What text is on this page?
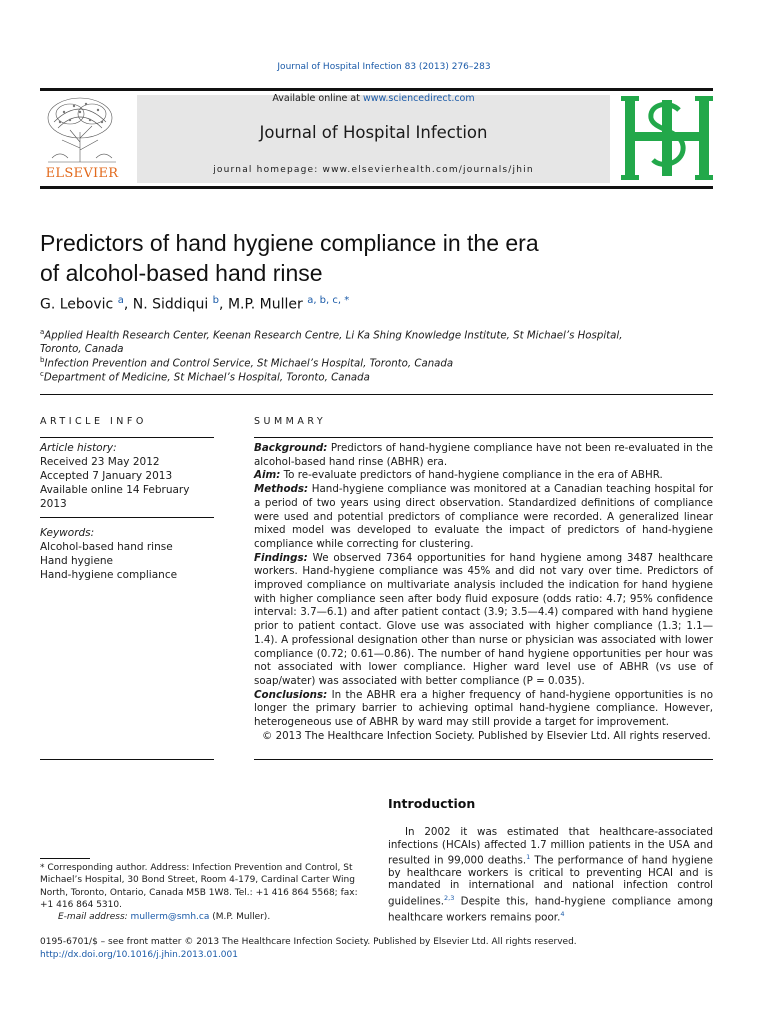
Journal of Hospital Infection 83 (2013) 276–283
ELSEVIER
Available online at www.sciencedirect.com
Journal of Hospital Infection
journal homepage: www.elsevierhealth.com/journals/jhin
Predictors of hand hygiene compliance in the era
of alcohol-based hand rinse
G. Lebovic $^a$, N. Siddiqui $^b$, M.P. Muller $^{a, b, c, *}$
$^a$Applied Health Research Center, Keenan Research Centre, Li Ka Shing Knowledge Institute, St Michael’s Hospital,
Toronto, Canada
$^b$Infection Prevention and Control Service, St Michael’s Hospital, Toronto, Canada
$^c$Department of Medicine, St Michael’s Hospital, Toronto, Canada
ARTICLE INFO
Article history:
Received 23 May 2012
Accepted 7 January 2013
Available online 14 February
2013
Keywords:
Alcohol-based hand rinse
Hand hygiene
Hand-hygiene compliance
SUMMARY

Background: Predictors of hand-hygiene compliance have not been re-evaluated in the alcohol-based hand rinse (ABHR) era.

Aim: To re-evaluate predictors of hand-hygiene compliance in the era of ABHR.

Methods: Hand-hygiene compliance was monitored at a Canadian teaching hospital for a period of two years using direct observation. Standardized definitions of compliance were used and potential predictors of compliance were recorded. A generalized linear mixed model was developed to evaluate the impact of predictors of hand-hygiene compliance while correcting for clustering.

Findings: We observed 7364 opportunities for hand hygiene among 3487 healthcare workers. Hand-hygiene compliance was 45% and did not vary over time. Predictors of improved compliance on multivariate analysis included the indication for hand hygiene with higher compliance seen after body fluid exposure (odds ratio: 4.7; 95% confidence interval: 3.7—6.1) and after patient contact (3.9; 3.5—4.4) compared with hand hygiene prior to patient contact. Glove use was associated with higher compliance (1.3; 1.1—1.4). A professional designation other than nurse or physician was associated with lower compliance (0.72; 0.61—0.86). The number of hand hygiene opportunities per hour was not associated with lower compliance. Higher ward level use of ABHR (vs use of soap/water) was associated with better compliance (P = 0.035).

Conclusions: In the ABHR era a higher frequency of hand-hygiene opportunities is no longer the primary barrier to achieving optimal hand-hygiene compliance. However, heterogeneous use of ABHR by ward may still provide a target for improvement.

© 2013 The Healthcare Infection Society. Published by Elsevier Ltd. All rights reserved.

Introduction
In 2002 it was estimated that healthcare-associated infections (HCAIs) affected 1.7 million patients in the USA and resulted in 99,000 deaths.$^1$ The performance of hand hygiene by healthcare workers is critical to preventing HCAI and is mandated in international and national infection control guidelines.$^{2,3}$ Despite this, hand-hygiene compliance among healthcare workers remains poor.$^4$
* Corresponding author. Address: Infection Prevention and Control, St Michael’s Hospital, 30 Bond Street, Room 4-179, Cardinal Carter Wing North, Toronto, Ontario, Canada M5B 1W8. Tel.: +1 416 864 5568; fax: +1 416 864 5310.
E-mail address: mullerm@smh.ca (M.P. Muller).
0195-6701/$ – see front matter © 2013 The Healthcare Infection Society. Published by Elsevier Ltd. All rights reserved.
http://dx.doi.org/10.1016/j.jhin.2013.01.001
